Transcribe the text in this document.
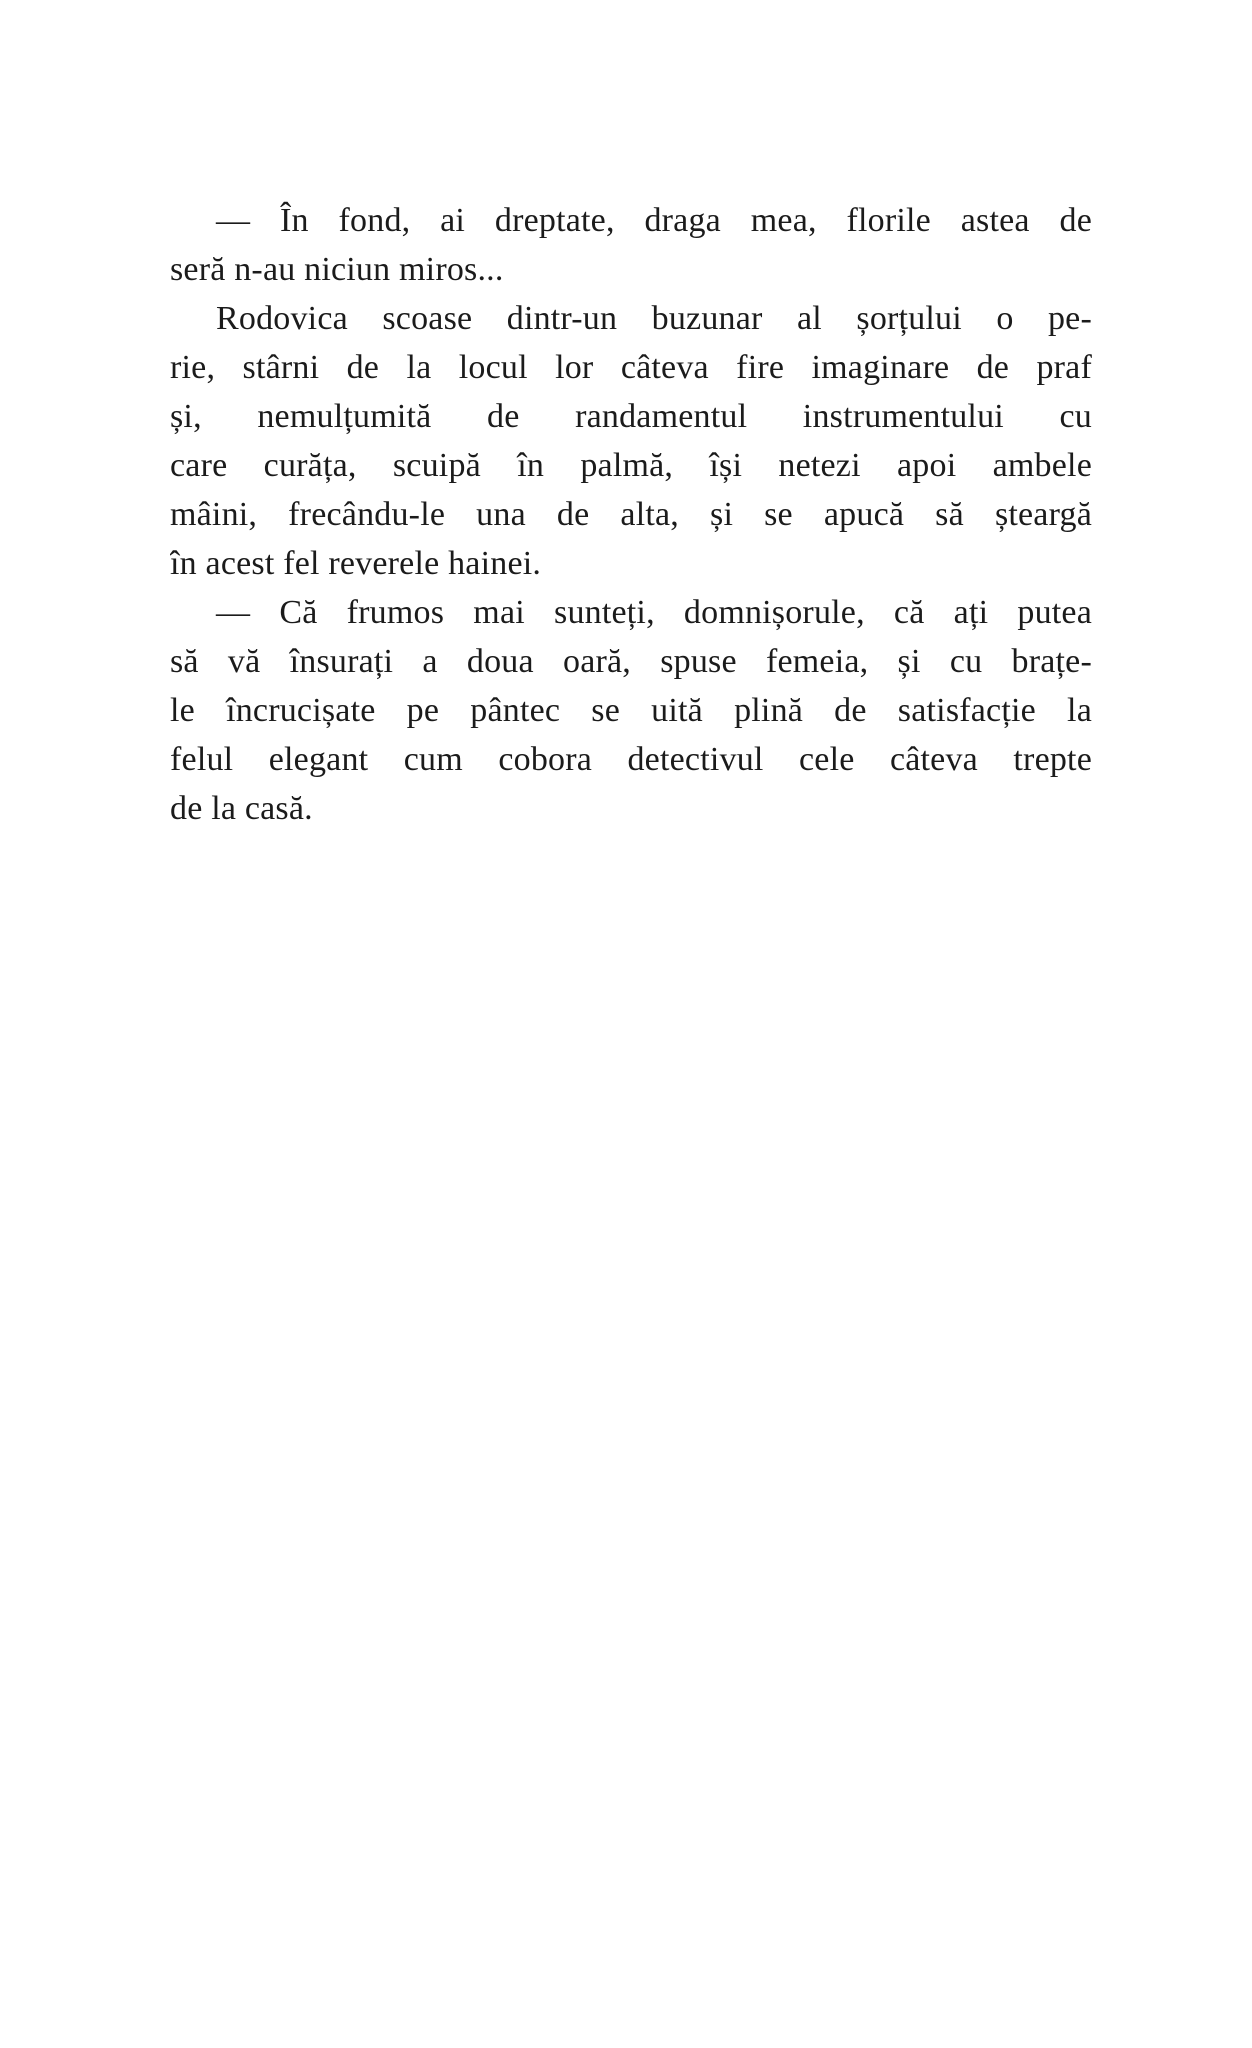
— În fond, ai dreptate, draga mea, florile astea de
seră n-au niciun miros...
Rodovica scoase dintr-un buzunar al șorțului o pe-
rie, stârni de la locul lor câteva fire imaginare de praf
și, nemulțumită de randamentul instrumentului cu
care curăța, scuipă în palmă, își netezi apoi ambele
mâini, frecându-le una de alta, și se apucă să șteargă
în acest fel reverele hainei.
— Că frumos mai sunteți, domnișorule, că ați putea
să vă însurați a doua oară, spuse femeia, și cu brațe-
le încrucișate pe pântec se uită plină de satisfacție la
felul elegant cum cobora detectivul cele câteva trepte
de la casă.
